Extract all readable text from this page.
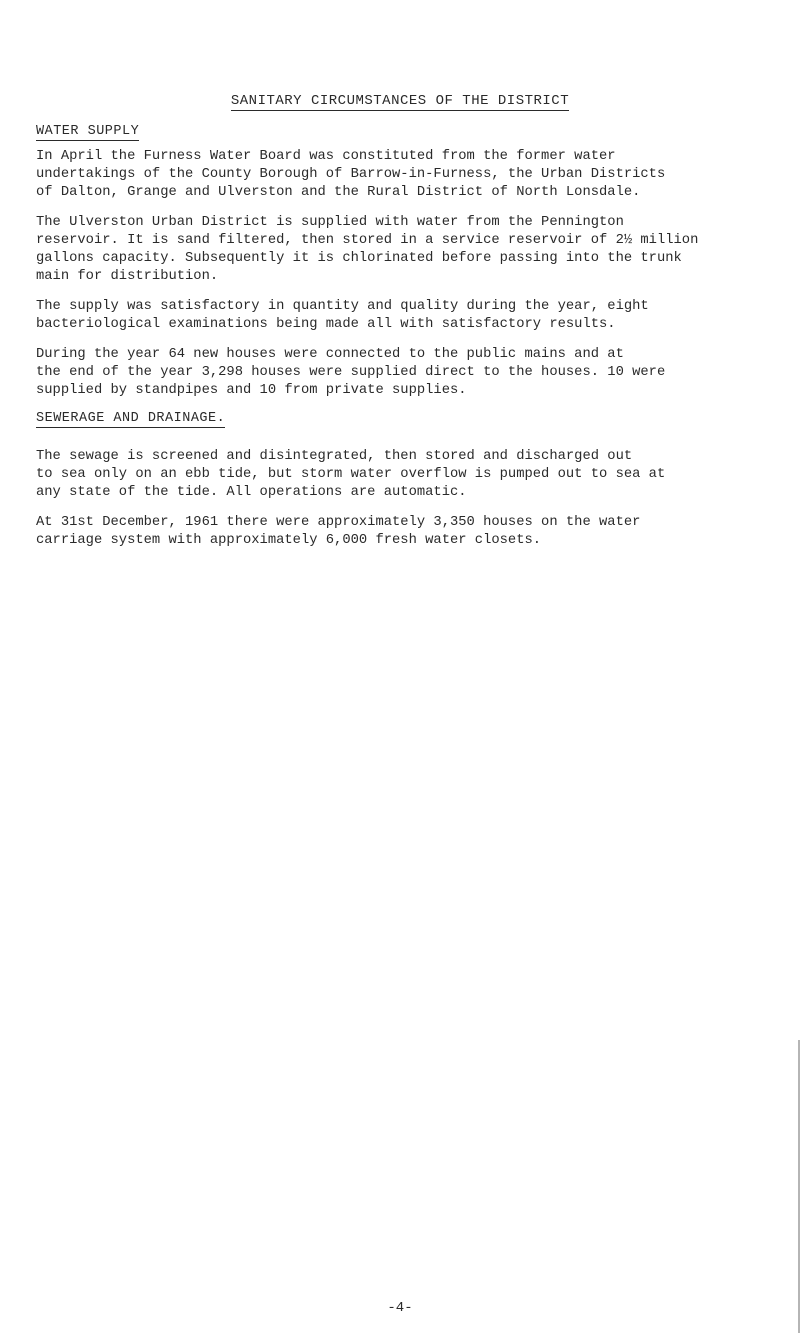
SANITARY CIRCUMSTANCES OF THE DISTRICT
WATER SUPPLY
In April the Furness Water Board was constituted from the former water
undertakings of the County Borough of Barrow-in-Furness, the Urban Districts
of Dalton, Grange and Ulverston and the Rural District of North Lonsdale.
The Ulverston Urban District is supplied with water from the Pennington
reservoir. It is sand filtered, then stored in a service reservoir of 2½ million
gallons capacity. Subsequently it is chlorinated before passing into the trunk
main for distribution.
The supply was satisfactory in quantity and quality during the year, eight
bacteriological examinations being made all with satisfactory results.
During the year 64 new houses were connected to the public mains and at
the end of the year 3,298 houses were supplied direct to the houses. 10 were
supplied by standpipes and 10 from private supplies.
SEWERAGE AND DRAINAGE.
The sewage is screened and disintegrated, then stored and discharged out
to sea only on an ebb tide, but storm water overflow is pumped out to sea at
any state of the tide. All operations are automatic.
At 31st December, 1961 there were approximately 3,350 houses on the water
carriage system with approximately 6,000 fresh water closets.
-4-
